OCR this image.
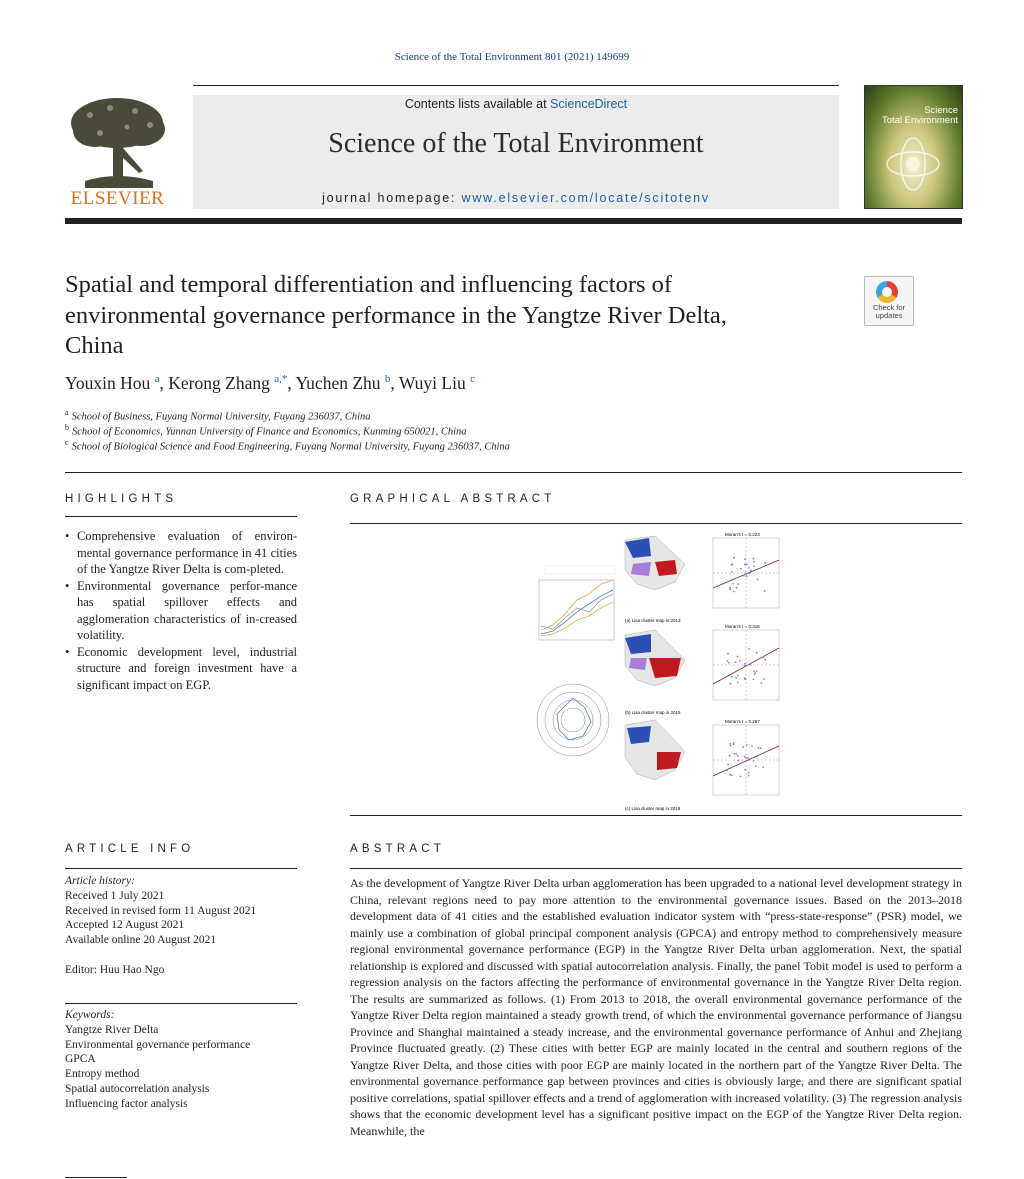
Science of the Total Environment 801 (2021) 149699
ELSEVIER
Contents lists available at ScienceDirect
Science of the Total Environment
journal homepage: www.elsevier.com/locate/scitotenv
Science
Total Environment
Spatial and temporal differentiation and influencing factors of environmental governance performance in the Yangtze River Delta, China
Check for updates
Youxin Hou $^a$, Kerong Zhang $^{a,*}$, Yuchen Zhu $^b$, Wuyi Liu $^c$
$^a$ School of Business, Fuyang Normal University, Fuyang 236037, China
$^b$ School of Economics, Yunnan University of Finance and Economics, Kunming 650021, China
$^c$ School of Biological Science and Food Engineering, Fuyang Normal University, Fuyang 236037, China
HIGHLIGHTS
• Comprehensive evaluation of environ-mental governance performance in 41 cities of the Yangtze River Delta is com-pleted.
• Environmental governance perfor-mance has spatial spillover effects and agglomeration characteristics of in-creased volatility.
• Economic development level, industrial structure and foreign investment have a significant impact on EGP.
GRAPHICAL ABSTRACT
(a) Lisa cluster map in 2013
(b) Lisa cluster map in 2015
(c) Lisa cluster map in 2018
Moran's I = 0.223
Moran's I = 0.316
Moran's I = 0.267
ARTICLE INFO
Article history:
Received 1 July 2021
Received in revised form 11 August 2021
Accepted 12 August 2021
Available online 20 August 2021
Editor: Huu Hao Ngo
Keywords:
Yangtze River Delta
Environmental governance performance
GPCA
Entropy method
Spatial autocorrelation analysis
Influencing factor analysis
ABSTRACT
As the development of Yangtze River Delta urban agglomeration has been upgraded to a national level development strategy in China, relevant regions need to pay more attention to the environmental governance issues. Based on the 2013–2018 development data of 41 cities and the established evaluation indicator system with “press-state-response” (PSR) model, we mainly use a combination of global principal component analysis (GPCA) and entropy method to comprehensively measure regional environmental governance performance (EGP) in the Yangtze River Delta urban agglomeration. Next, the spatial relationship is explored and discussed with spatial autocorrelation analysis. Finally, the panel Tobit model is used to perform a regression analysis on the factors affecting the performance of environmental governance in the Yangtze River Delta region. The results are summarized as follows. (1) From 2013 to 2018, the overall environmental governance performance of the Yangtze River Delta region maintained a steady growth trend, of which the environmental governance performance of Jiangsu Province and Shanghai maintained a steady increase, and the environmental governance performance of Anhui and Zhejiang Province fluctuated greatly. (2) These cities with better EGP are mainly located in the central and southern regions of the Yangtze River Delta, and those cities with poor EGP are mainly located in the northern part of the Yangtze River Delta. The environmental governance performance gap between provinces and cities is obviously large, and there are significant spatial positive correlations, spatial spillover effects and a trend of agglomeration with increased volatility. (3) The regression analysis shows that the economic development level has a significant positive impact on the EGP of the Yangtze River Delta region. Meanwhile, the
